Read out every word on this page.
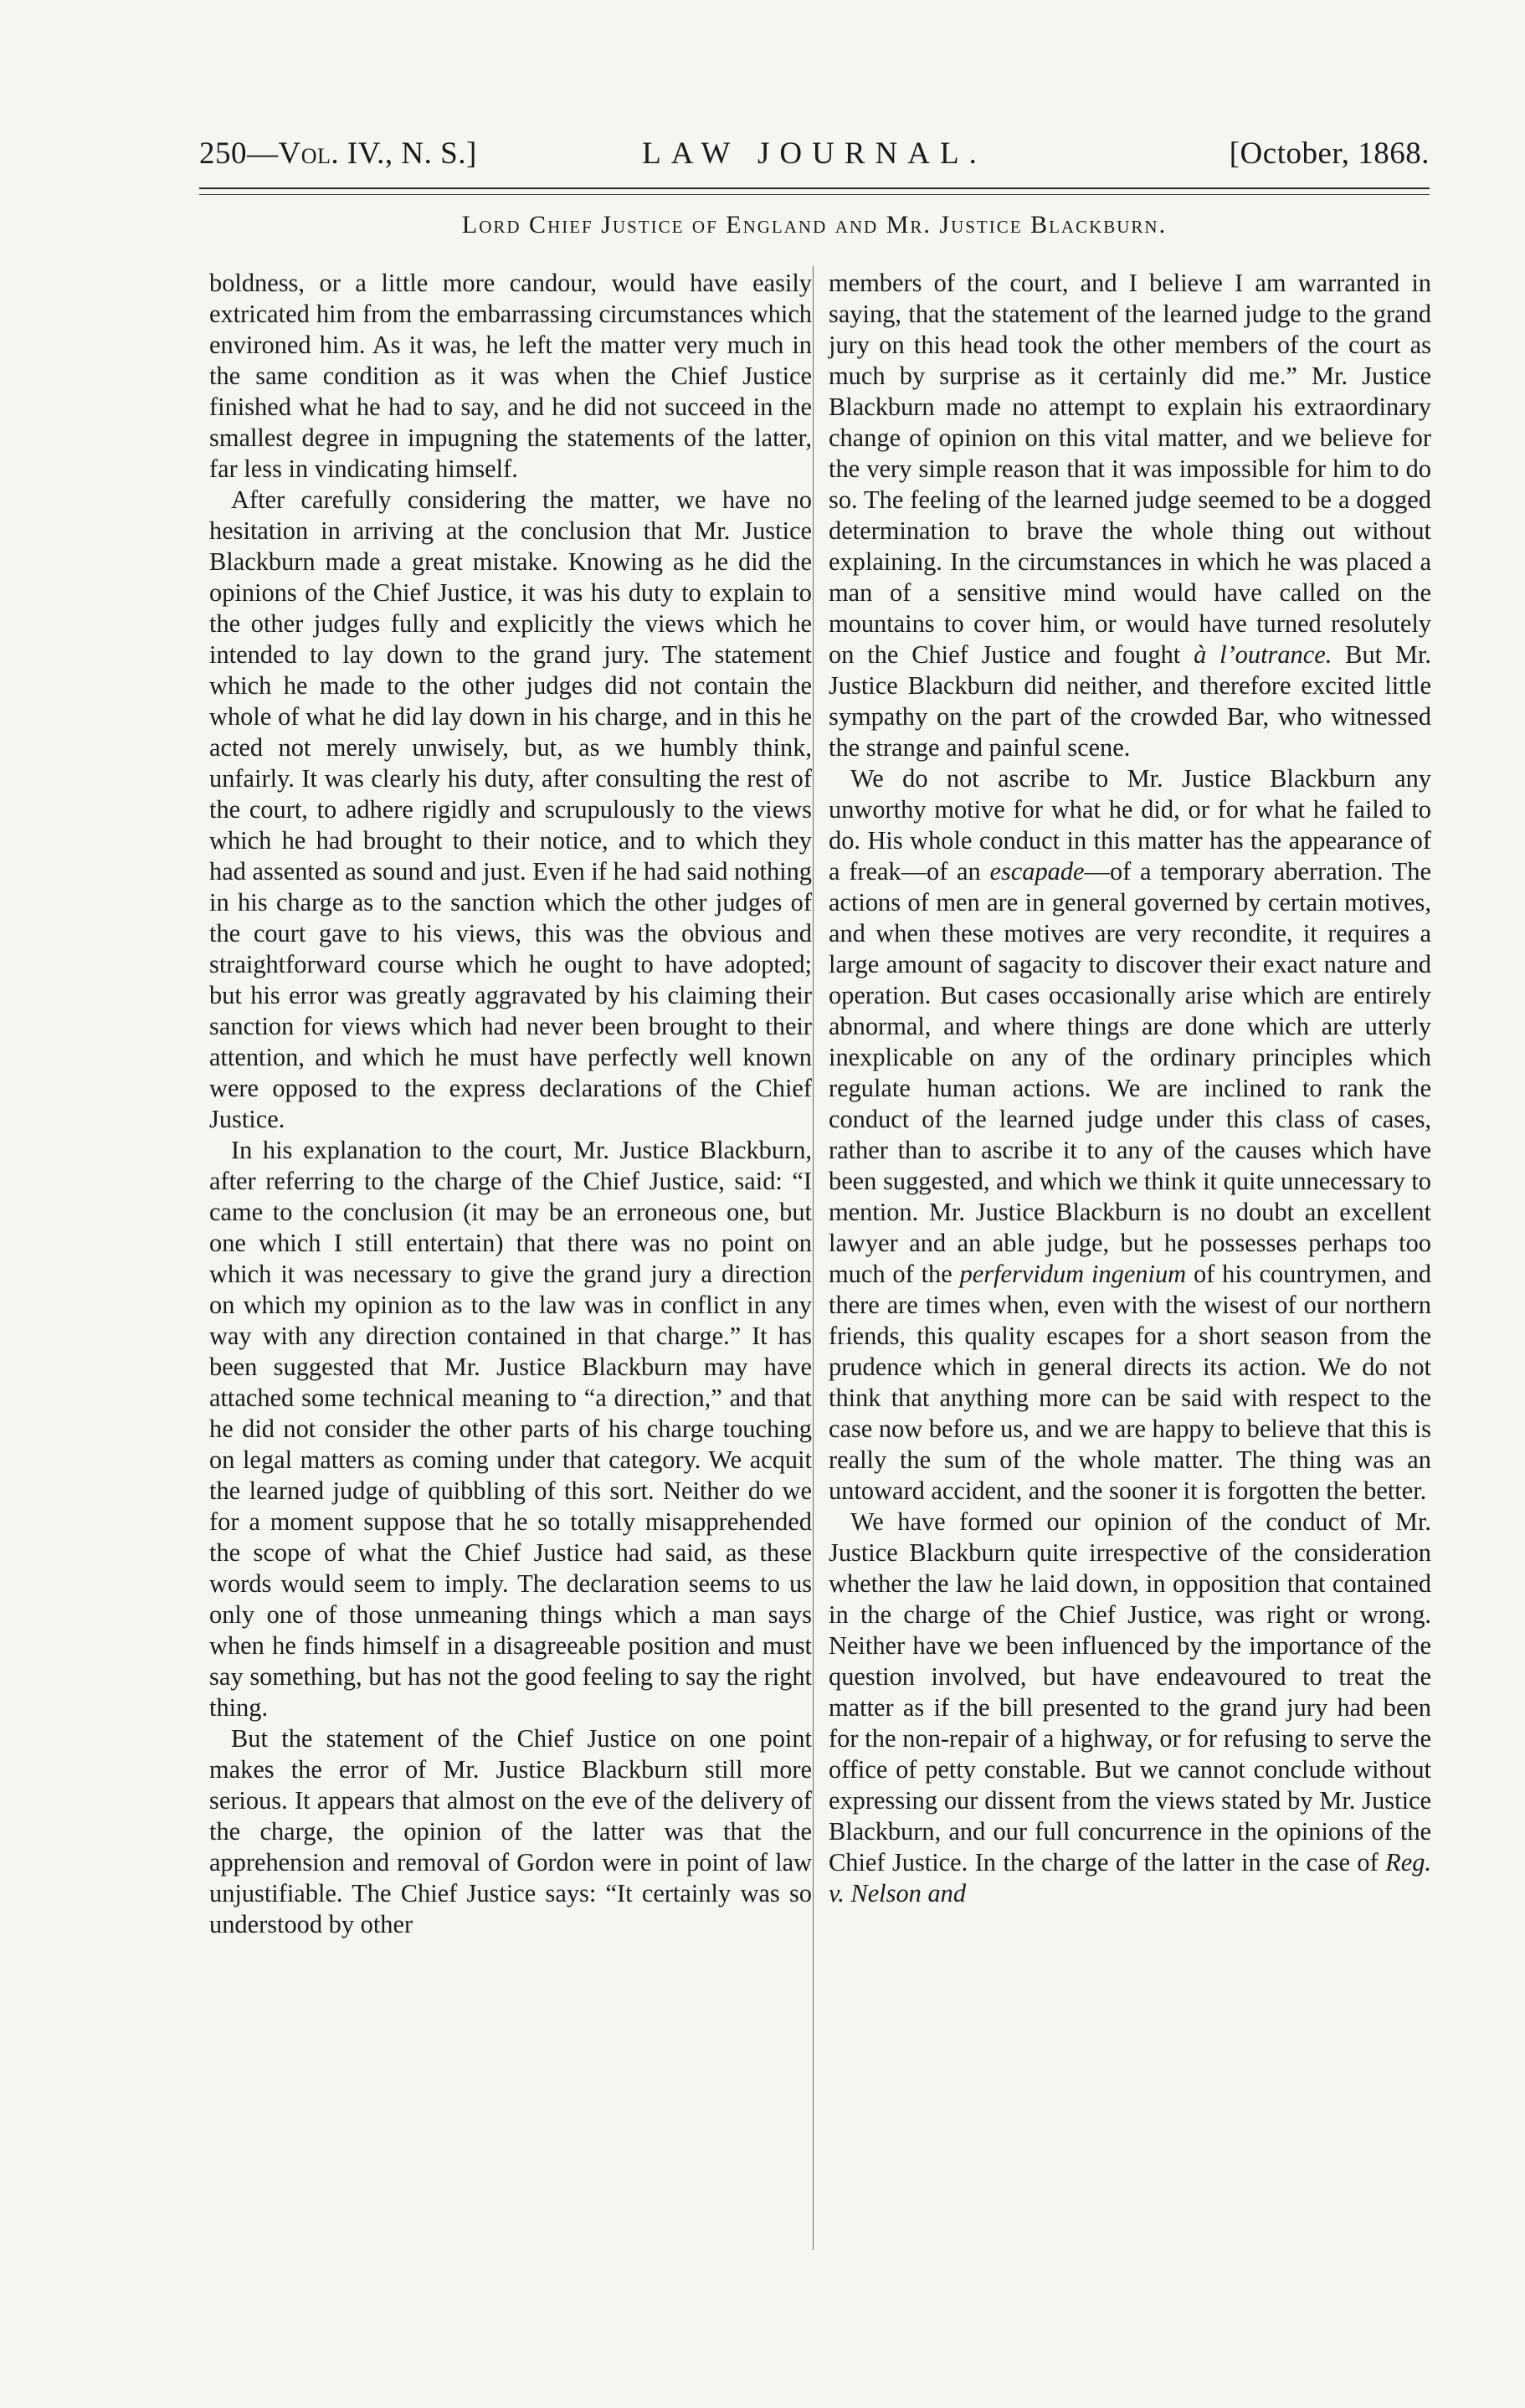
250—Vol. IV., N. S.]	LAW JOURNAL.	[October, 1868.
Lord Chief Justice of England and Mr. Justice Blackburn.

boldness, or a little more candour, would have easily extricated him from the embarrassing circumstances which environed him. As it was, he left the matter very much in the same condition as it was when the Chief Justice finished what he had to say, and he did not succeed in the smallest degree in impugning the statements of the latter, far less in vindicating himself.

After carefully considering the matter, we have no hesitation in arriving at the conclusion that Mr. Justice Blackburn made a great mistake. Knowing as he did the opinions of the Chief Justice, it was his duty to explain to the other judges fully and explicitly the views which he intended to lay down to the grand jury. The statement which he made to the other judges did not contain the whole of what he did lay down in his charge, and in this he acted not merely unwisely, but, as we humbly think, unfairly. It was clearly his duty, after consulting the rest of the court, to adhere rigidly and scrupulously to the views which he had brought to their notice, and to which they had assented as sound and just. Even if he had said nothing in his charge as to the sanction which the other judges of the court gave to his views, this was the obvious and straightforward course which he ought to have adopted; but his error was greatly aggravated by his claiming their sanction for views which had never been brought to their attention, and which he must have perfectly well known were opposed to the express declarations of the Chief Justice.

In his explanation to the court, Mr. Justice Blackburn, after referring to the charge of the Chief Justice, said: “I came to the conclusion (it may be an erroneous one, but one which I still entertain) that there was no point on which it was necessary to give the grand jury a direction on which my opinion as to the law was in conflict in any way with any direction contained in that charge.” It has been suggested that Mr. Justice Blackburn may have attached some technical meaning to “a direction,” and that he did not consider the other parts of his charge touching on legal matters as coming under that category. We acquit the learned judge of quibbling of this sort. Neither do we for a moment suppose that he so totally misapprehended the scope of what the Chief Justice had said, as these words would seem to imply. The declaration seems to us only one of those unmeaning things which a man says when he finds himself in a disagreeable position and must say something, but has not the good feeling to say the right thing.

But the statement of the Chief Justice on one point makes the error of Mr. Justice Blackburn still more serious. It appears that almost on the eve of the delivery of the charge, the opinion of the latter was that the apprehension and removal of Gordon were in point of law unjustifiable. The Chief Justice says: “It certainly was so understood by other

members of the court, and I believe I am warranted in saying, that the statement of the learned judge to the grand jury on this head took the other members of the court as much by surprise as it certainly did me.” Mr. Justice Blackburn made no attempt to explain his extraordinary change of opinion on this vital matter, and we believe for the very simple reason that it was impossible for him to do so. The feeling of the learned judge seemed to be a dogged determination to brave the whole thing out without explaining. In the circumstances in which he was placed a man of a sensitive mind would have called on the mountains to cover him, or would have turned resolutely on the Chief Justice and fought à l’outrance. But Mr. Justice Blackburn did neither, and therefore excited little sympathy on the part of the crowded Bar, who witnessed the strange and painful scene.

We do not ascribe to Mr. Justice Blackburn any unworthy motive for what he did, or for what he failed to do. His whole conduct in this matter has the appearance of a freak—of an escapade—of a temporary aberration. The actions of men are in general governed by certain motives, and when these motives are very recondite, it requires a large amount of sagacity to discover their exact nature and operation. But cases occasionally arise which are entirely abnormal, and where things are done which are utterly inexplicable on any of the ordinary principles which regulate human actions. We are inclined to rank the conduct of the learned judge under this class of cases, rather than to ascribe it to any of the causes which have been suggested, and which we think it quite unnecessary to mention. Mr. Justice Blackburn is no doubt an excellent lawyer and an able judge, but he possesses perhaps too much of the perfervidum ingenium of his countrymen, and there are times when, even with the wisest of our northern friends, this quality escapes for a short season from the prudence which in general directs its action. We do not think that anything more can be said with respect to the case now before us, and we are happy to believe that this is really the sum of the whole matter. The thing was an untoward accident, and the sooner it is forgotten the better.

We have formed our opinion of the conduct of Mr. Justice Blackburn quite irrespective of the consideration whether the law he laid down, in opposition that contained in the charge of the Chief Justice, was right or wrong. Neither have we been influenced by the importance of the question involved, but have endeavoured to treat the matter as if the bill presented to the grand jury had been for the non-repair of a highway, or for refusing to serve the office of petty constable. But we cannot conclude without expressing our dissent from the views stated by Mr. Justice Blackburn, and our full concurrence in the opinions of the Chief Justice. In the charge of the latter in the case of Reg. v. Nelson and
